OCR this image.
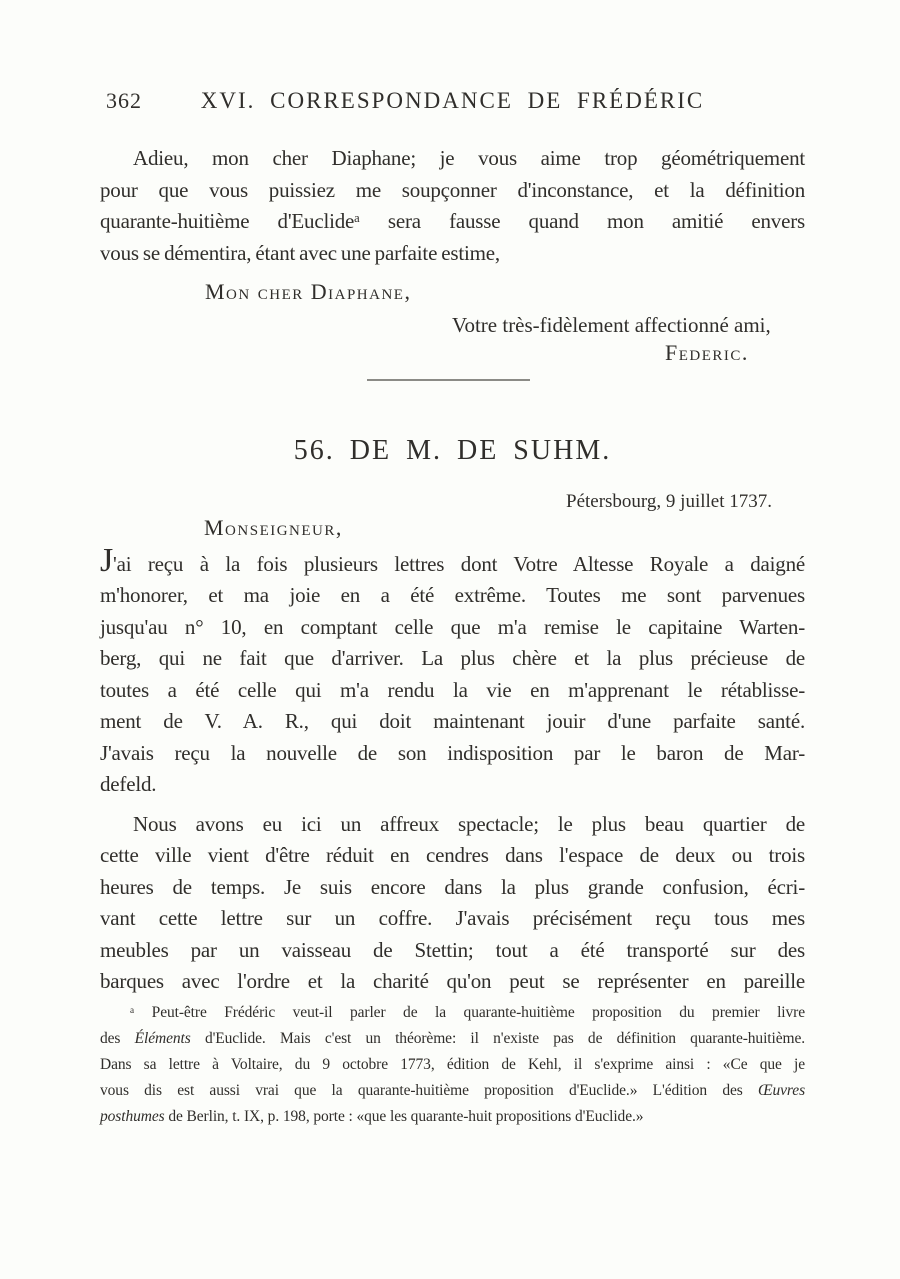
362	XVI. CORRESPONDANCE DE FRÉDÉRIC
Adieu, mon cher Diaphane; je vous aime trop géométriquement
pour que vous puissiez me soupçonner d'inconstance, et la définition
quarante-huitième d'Euclideᵃ sera fausse quand mon amitié envers
vous se démentira, étant avec une parfaite estime,
Mon cher Diaphane,
Votre très-fidèlement affectionné ami,
Federic.
56. DE M. DE SUHM.
Pétersbourg, 9 juillet 1737.
Monseigneur,
J'ai reçu à la fois plusieurs lettres dont Votre Altesse Royale a daigné
m'honorer, et ma joie en a été extrême. Toutes me sont parvenues
jusqu'au n° 10, en comptant celle que m'a remise le capitaine Warten-
berg, qui ne fait que d'arriver. La plus chère et la plus précieuse de
toutes a été celle qui m'a rendu la vie en m'apprenant le rétablisse-
ment de V. A. R., qui doit maintenant jouir d'une parfaite santé.
J'avais reçu la nouvelle de son indisposition par le baron de Mar-
defeld.
Nous avons eu ici un affreux spectacle; le plus beau quartier de
cette ville vient d'être réduit en cendres dans l'espace de deux ou trois
heures de temps. Je suis encore dans la plus grande confusion, écri-
vant cette lettre sur un coffre. J'avais précisément reçu tous mes
meubles par un vaisseau de Stettin; tout a été transporté sur des
barques avec l'ordre et la charité qu'on peut se représenter en pareille
ᵃ Peut-être Frédéric veut-il parler de la quarante-huitième proposition du premier livre
des Éléments d'Euclide. Mais c'est un théorème: il n'existe pas de définition quarante-huitième.
Dans sa lettre à Voltaire, du 9 octobre 1773, édition de Kehl, il s'exprime ainsi : «Ce que je
vous dis est aussi vrai que la quarante-huitième proposition d'Euclide.» L'édition des Œuvres
posthumes de Berlin, t. IX, p. 198, porte : «que les quarante-huit propositions d'Euclide.»
